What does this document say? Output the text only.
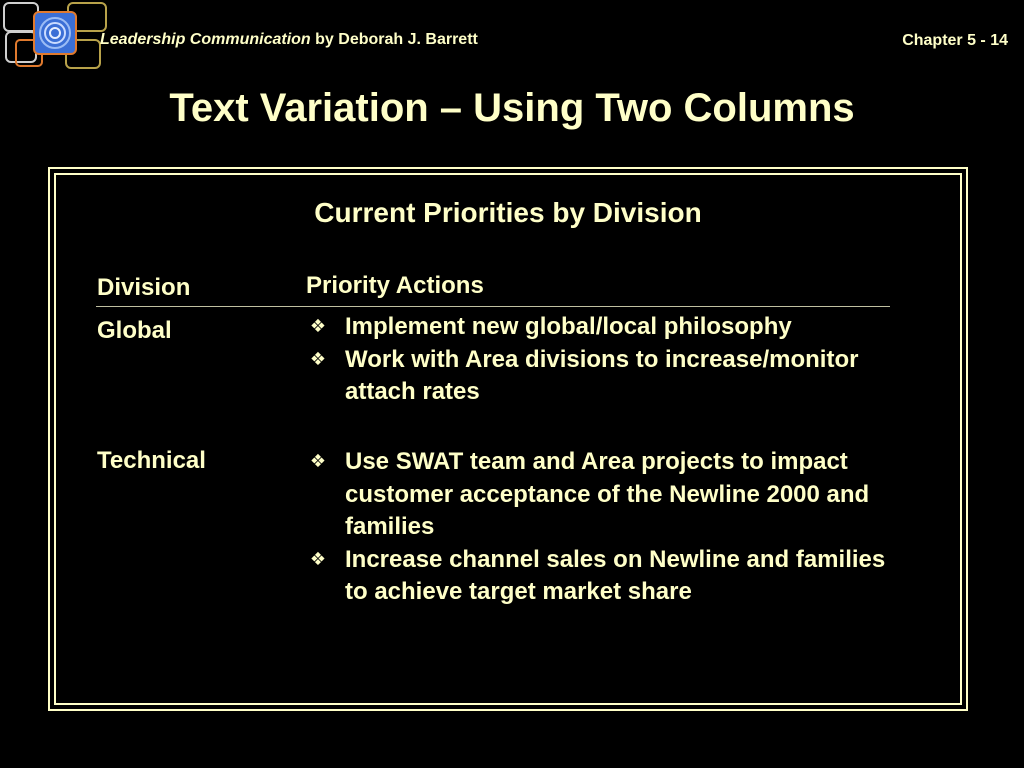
Leadership Communication by Deborah J. Barrett	Chapter 5 - 14
Text Variation – Using Two Columns
Current Priorities by Division
Division	Priority Actions
Global	❖ Implement new global/local philosophy
❖ Work with Area divisions to increase/monitor attach rates
Technical	❖ Use SWAT team and Area projects to impact customer acceptance of the Newline 2000 and families
❖ Increase channel sales on Newline and families to achieve target market share
